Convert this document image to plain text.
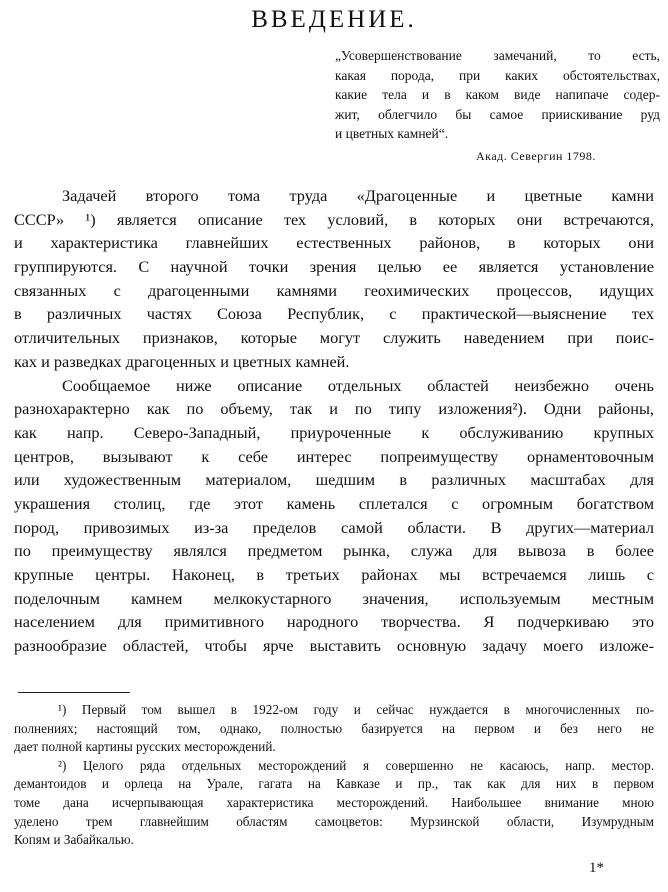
ВВЕДЕНИЕ.
„Усовершенствование замечаний, то есть,
какая порода, при каких обстоятельствах,
какие тела и в каком виде напипаче содер-
жит, облегчило бы самое приискивание руд
и цветных камней“.
Акад. Севергин 1798.
Задачей второго тома труда «Драгоценные и цветные камни
СССР» ¹) является описание тех условий, в которых они встречаются,
и характеристика главнейших естественных районов, в которых они
группируются. С научной точки зрения целью ее является установление
связанных с драгоценными камнями геохимических процессов, идущих
в различных частях Союза Республик, с практической—выяснение тех
отличительных признаков, которые могут служить наведением при поис-
ках и разведках драгоценных и цветных камней.
Сообщаемое ниже описание отдельных областей неизбежно очень
разнохарактерно как по объему, так и по типу изложения²). Одни районы,
как напр. Северо-Западный, приуроченные к обслуживанию крупных
центров, вызывают к себе интерес попреимуществу орнаментовочным
или художественным материалом, шедшим в различных масштабах для
украшения столиц, где этот камень сплетался с огромным богатством
пород, привозимых из-за пределов самой области. В других—материал
по преимуществу являлся предметом рынка, служа для вывоза в более
крупные центры. Наконец, в третьих районах мы встречаемся лишь с
поделочным камнем мелкокустарного значения, используемым местным
населением для примитивного народного творчества. Я подчеркиваю это
разнообразие областей, чтобы ярче выставить основную задачу моего изложе-
¹) Первый том вышел в 1922-ом году и сейчас нуждается в многочисленных по-
полнениях; настоящий том, однако, полностью базируется на первом и без него не
дает полной картины русских месторождений.
²) Целого ряда отдельных месторождений я совершенно не касаюсь, напр. местор.
демантоидов и орлеца на Урале, гагата на Кавказе и пр., так как для них в первом
томе дана исчерпывающая характеристика месторождений. Наибольшее внимание мною
уделено трем главнейшим областям самоцветов: Мурзинской области, Изумрудным
Копям и Забайкалью.
1*
